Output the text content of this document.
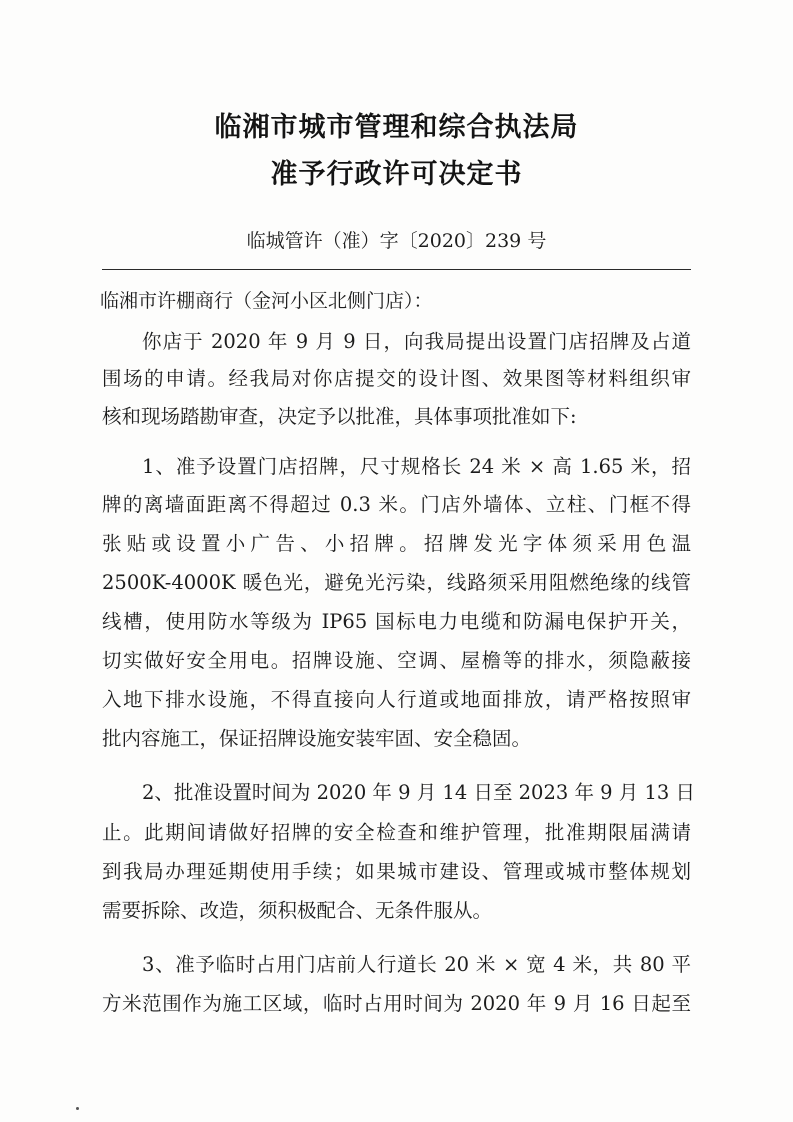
临湘市城市管理和综合执法局
准予行政许可决定书
临城管许（准）字〔2020〕239 号
临湘市许棚商行（金河小区北侧门店）：
你店于 2020 年 9 月 9 日，向我局提出设置门店招牌及占道
围场的申请。经我局对你店提交的设计图、效果图等材料组织审
核和现场踏勘审查，决定予以批准，具体事项批准如下:
1、准予设置门店招牌，尺寸规格长 24 米 × 高 1.65 米，招
牌的离墙面距离不得超过 0.3 米。门店外墙体、立柱、门框不得
张贴或设置小广告、小招牌。招牌发光字体须采用色温
2500K-4000K 暖色光，避免光污染，线路须采用阻燃绝缘的线管
线槽，使用防水等级为 IP65 国标电力电缆和防漏电保护开关，
切实做好安全用电。招牌设施、空调、屋檐等的排水，须隐蔽接
入地下排水设施，不得直接向人行道或地面排放，请严格按照审
批内容施工，保证招牌设施安装牢固、安全稳固。
2、批准设置时间为 2020 年 9 月 14 日至 2023 年 9 月 13 日
止。此期间请做好招牌的安全检查和维护管理，批准期限届满请
到我局办理延期使用手续；如果城市建设、管理或城市整体规划
需要拆除、改造，须积极配合、无条件服从。
3、准予临时占用门店前人行道长 20 米 × 宽 4 米，共 80 平
方米范围作为施工区域，临时占用时间为 2020 年 9 月 16 日起至
